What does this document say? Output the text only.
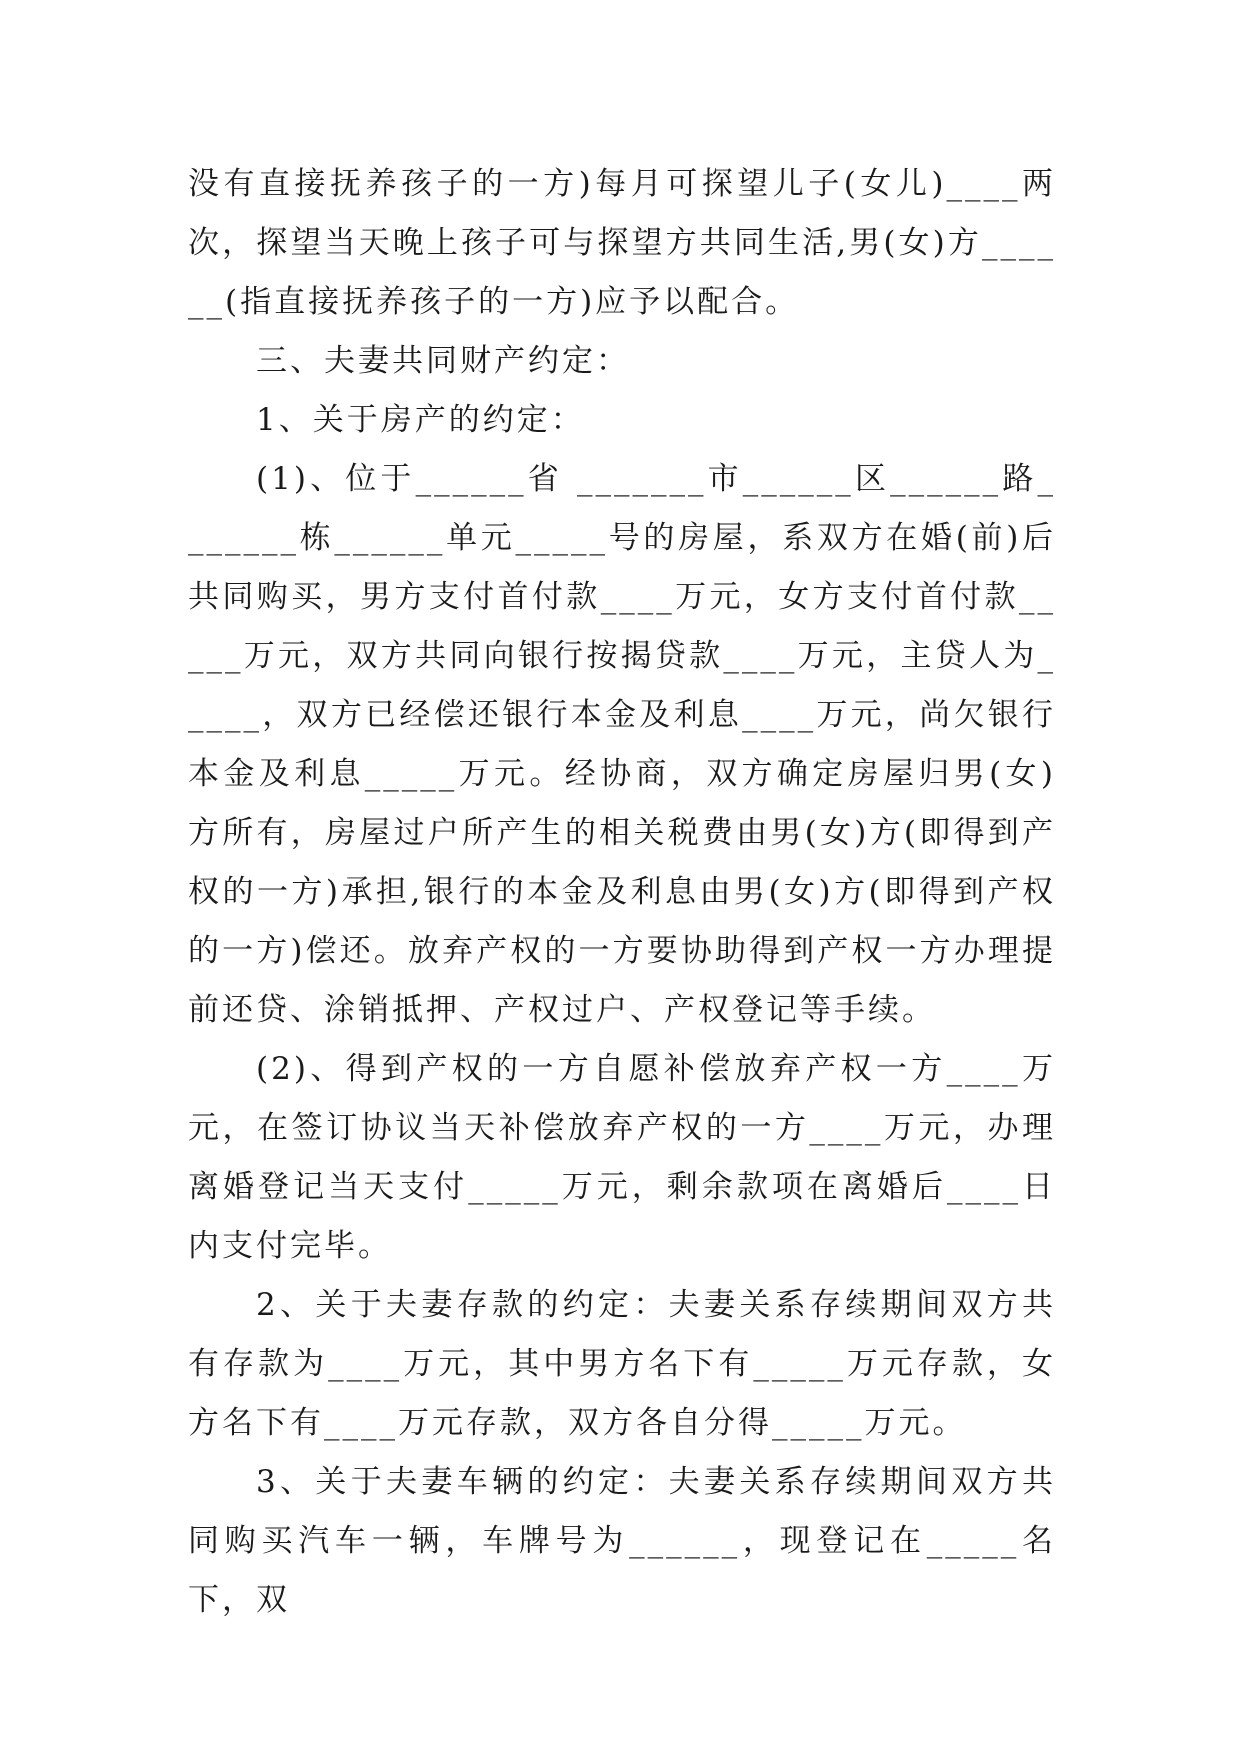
没有直接抚养孩子的一方)每月可探望儿子(女儿)____两次，探望当天晚上孩子可与探望方共同生活,男(女)方______(指直接抚养孩子的一方)应予以配合。

三、夫妻共同财产约定：

1、关于房产的约定：

(1)、位于______省 _______市______区______路_______栋______单元_____号的房屋，系双方在婚(前)后共同购买，男方支付首付款____万元，女方支付首付款_____万元，双方共同向银行按揭贷款____万元，主贷人为_____，双方已经偿还银行本金及利息____万元，尚欠银行本金及利息_____万元。经协商，双方确定房屋归男(女)方所有，房屋过户所产生的相关税费由男(女)方(即得到产权的一方)承担,银行的本金及利息由男(女)方(即得到产权的一方)偿还。放弃产权的一方要协助得到产权一方办理提前还贷、涂销抵押、产权过户、产权登记等手续。

(2)、得到产权的一方自愿补偿放弃产权一方____万元，在签订协议当天补偿放弃产权的一方____万元，办理离婚登记当天支付_____万元，剩余款项在离婚后____日内支付完毕。

2、关于夫妻存款的约定：夫妻关系存续期间双方共有存款为____万元，其中男方名下有_____万元存款，女方名下有____万元存款，双方各自分得_____万元。

3、关于夫妻车辆的约定：夫妻关系存续期间双方共同购买汽车一辆，车牌号为______，现登记在_____名下，双
